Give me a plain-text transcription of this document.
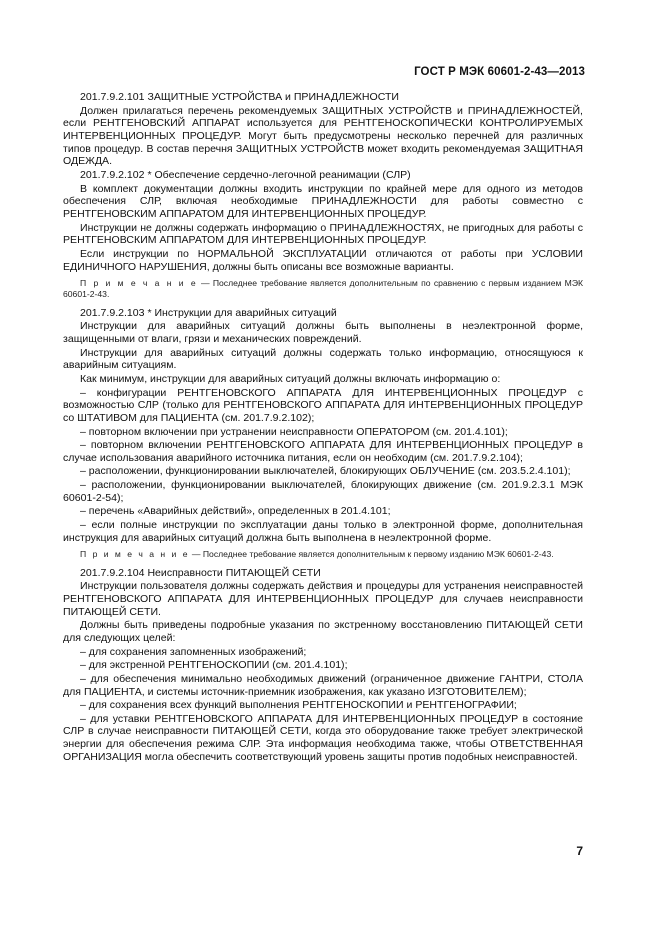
ГОСТ Р МЭК 60601-2-43—2013

201.7.9.2.101 ЗАЩИТНЫЕ УСТРОЙСТВА и ПРИНАДЛЕЖНОСТИ

Должен прилагаться перечень рекомендуемых ЗАЩИТНЫХ УСТРОЙСТВ и ПРИНАДЛЕЖНОСТЕЙ, если РЕНТГЕНОВСКИЙ АППАРАТ используется для РЕНТГЕНОСКОПИЧЕСКИ КОНТРОЛИРУЕМЫХ ИНТЕРВЕНЦИОННЫХ ПРОЦЕДУР. Могут быть предусмотрены несколько перечней для различных типов процедур. В состав перечня ЗАЩИТНЫХ УСТРОЙСТВ может входить рекомендуемая ЗАЩИТНАЯ ОДЕЖДА.

201.7.9.2.102 * Обеспечение сердечно-легочной реанимации (СЛР)

В комплект документации должны входить инструкции по крайней мере для одного из методов обеспечения СЛР, включая необходимые ПРИНАДЛЕЖНОСТИ для работы совместно с РЕНТГЕНОВСКИМ АППАРАТОМ ДЛЯ ИНТЕРВЕНЦИОННЫХ ПРОЦЕДУР.

Инструкции не должны содержать информацию о ПРИНАДЛЕЖНОСТЯХ, не пригодных для работы с РЕНТГЕНОВСКИМ АППАРАТОМ ДЛЯ ИНТЕРВЕНЦИОННЫХ ПРОЦЕДУР.

Если инструкции по НОРМАЛЬНОЙ ЭКСПЛУАТАЦИИ отличаются от работы при УСЛОВИИ ЕДИНИЧНОГО НАРУШЕНИЯ, должны быть описаны все возможные варианты.

П р и м е ч а н и е — Последнее требование является дополнительным по сравнению с первым изданием МЭК 60601-2-43.

201.7.9.2.103 * Инструкции для аварийных ситуаций

Инструкции для аварийных ситуаций должны быть выполнены в неэлектронной форме, защищенными от влаги, грязи и механических повреждений.

Инструкции для аварийных ситуаций должны содержать только информацию, относящуюся к аварийным ситуациям.

Как минимум, инструкции для аварийных ситуаций должны включать информацию о:

– конфигурации РЕНТГЕНОВСКОГО АППАРАТА ДЛЯ ИНТЕРВЕНЦИОННЫХ ПРОЦЕДУР с возможностью СЛР (только для РЕНТГЕНОВСКОГО АППАРАТА ДЛЯ ИНТЕРВЕНЦИОННЫХ ПРОЦЕДУР со ШТАТИВОМ для ПАЦИЕНТА (см. 201.7.9.2.102);

– повторном включении при устранении неисправности ОПЕРАТОРОМ (см. 201.4.101);

– повторном включении РЕНТГЕНОВСКОГО АППАРАТА ДЛЯ ИНТЕРВЕНЦИОННЫХ ПРОЦЕДУР в случае использования аварийного источника питания, если он необходим (см. 201.7.9.2.104);

– расположении, функционировании выключателей, блокирующих ОБЛУЧЕНИЕ (см. 203.5.2.4.101);

– расположении, функционировании выключателей, блокирующих движение (см. 201.9.2.3.1 МЭК 60601-2-54);

– перечень «Аварийных действий», определенных в 201.4.101;

– если полные инструкции по эксплуатации даны только в электронной форме, дополнительная инструкция для аварийных ситуаций должна быть выполнена в неэлектронной форме.

П р и м е ч а н и е — Последнее требование является дополнительным к первому изданию МЭК 60601-2-43.

201.7.9.2.104 Неисправности ПИТАЮЩЕЙ СЕТИ

Инструкции пользователя должны содержать действия и процедуры для устранения неисправностей РЕНТГЕНОВСКОГО АППАРАТА ДЛЯ ИНТЕРВЕНЦИОННЫХ ПРОЦЕДУР для случаев неисправности ПИТАЮЩЕЙ СЕТИ.

Должны быть приведены подробные указания по экстренному восстановлению ПИТАЮЩЕЙ СЕТИ для следующих целей:

– для сохранения запомненных изображений;

– для экстренной РЕНТГЕНОСКОПИИ (см. 201.4.101);

– для обеспечения минимально необходимых движений (ограниченное движение ГАНТРИ, СТОЛА для ПАЦИЕНТА, и системы источник-приемник изображения, как указано ИЗГОТОВИТЕЛЕМ);

– для сохранения всех функций выполнения РЕНТГЕНОСКОПИИ и РЕНТГЕНОГРАФИИ;

– для уставки РЕНТГЕНОВСКОГО АППАРАТА ДЛЯ ИНТЕРВЕНЦИОННЫХ ПРОЦЕДУР в состояние СЛР в случае неисправности ПИТАЮЩЕЙ СЕТИ, когда это оборудование также требует электрической энергии для обеспечения режима СЛР. Эта информация необходима также, чтобы ОТВЕТСТВЕННАЯ ОРГАНИЗАЦИЯ могла обеспечить соответствующий уровень защиты против подобных неисправностей.

7
